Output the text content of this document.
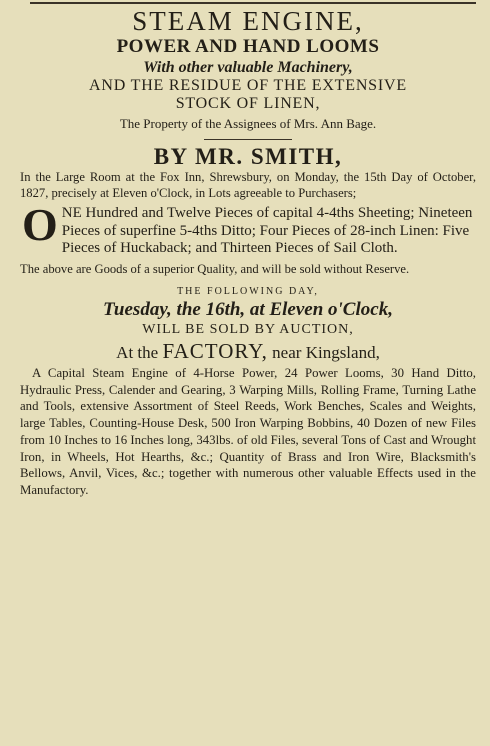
STEAM ENGINE,

POWER AND HAND LOOMS

With other valuable Machinery,

AND THE RESIDUE OF THE EXTENSIVE

STOCK OF LINEN,

The Property of the Assignees of Mrs. Ann Bage.

BY MR. SMITH,

In the Large Room at the Fox Inn, Shrewsbury, on Monday, the 15th Day of October, 1827, precisely at Eleven o'Clock, in Lots agreeable to Purchasers;

ONE Hundred and Twelve Pieces of capital 4-4ths Sheeting; Nineteen Pieces of superfine 5-4ths Ditto; Four Pieces of 28-inch Linen: Five Pieces of Huckaback; and Thirteen Pieces of Sail Cloth.

The above are Goods of a superior Quality, and will be sold without Reserve.

THE FOLLOWING DAY,

Tuesday, the 16th, at Eleven o'Clock,

WILL BE SOLD BY AUCTION,

At the FACTORY, near Kingsland,

A Capital Steam Engine of 4-Horse Power, 24 Power Looms, 30 Hand Ditto, Hydraulic Press, Calender and Gearing, 3 Warping Mills, Rolling Frame, Turning Lathe and Tools, extensive Assortment of Steel Reeds, Work Benches, Scales and Weights, large Tables, Counting-House Desk, 500 Iron Warping Bobbins, 40 Dozen of new Files from 10 Inches to 16 Inches long, 343lbs. of old Files, several Tons of Cast and Wrought Iron, in Wheels, Hot Hearths, &c.; Quantity of Brass and Iron Wire, Blacksmith's Bellows, Anvil, Vices, &c.; together with numerous other valuable Effects used in the Manufactory.
